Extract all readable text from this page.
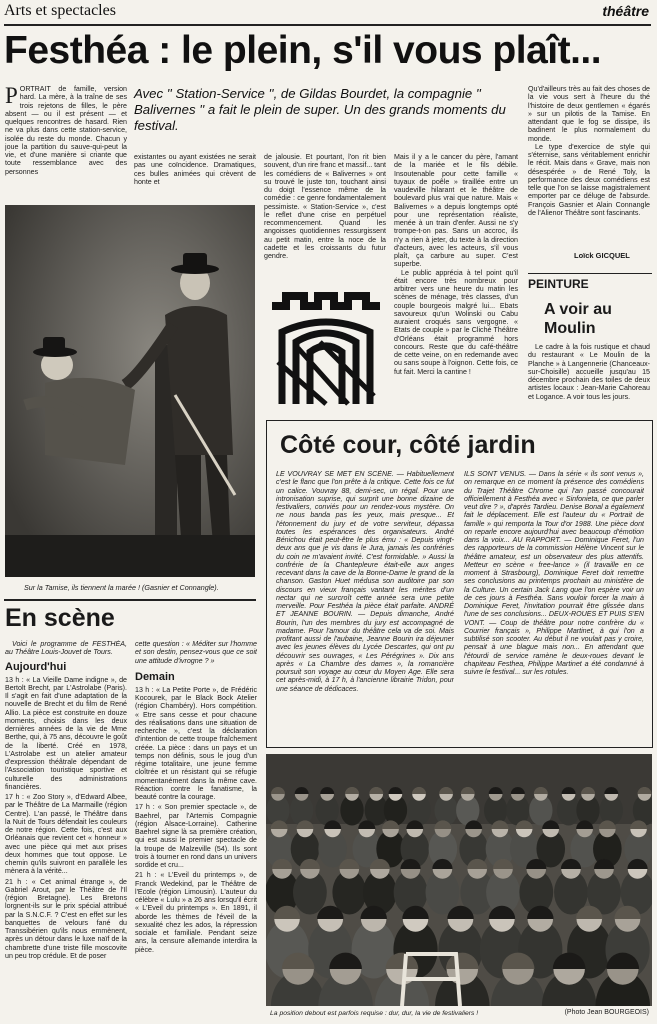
Arts et spectacles	théâtre
Festhéa : le plein, s'il vous plaît...
P ORTRAIT de famille, version hard. La mère, à la traîne de ses trois rejetons de filles, le père absent — ou il est présent — et quelques rencontres de hasard. Rien ne va plus dans cette station-service, isolée du reste du monde. Chacun y joue la partition du sauve-qui-peut la vie, et d'une manière si criante que toute ressemblance avec des personnes
Avec '' Station-Service '', de Gildas Bourdet, la compagnie '' Balivernes '' a fait le plein de super. Un des grands moments du festival.
existantes ou ayant existées ne serait pas une coïncidence. Dramatiques, ces bulles animées qui crèvent de honte et
de jalousie. Et pourtant, l'on rit bien souvent, d'un rire franc et massif... tant les comédiens de « Balivernes » ont su trouvé le juste ton, touchant ainsi du doigt l'essence même de la comédie : ce genre fondamentalement pessimiste. « Station-Service », c'est le reflet d'une crise en perpétuel recommencement. Quand les angoisses quotidiennes ressurgissent au petit matin, entre la noce de la cadette et les croissants du futur gendre.

Mais il y a le cancer du père, l'amant de la mariée et le fils débile. Insoutenable pour cette famille « tuyaux de poêle » tiraillée entre un vaudeville hilarant et le théâtre de boulevard plus vrai que nature. Mais « Balivernes » a depuis longtemps opté pour une représentation réaliste, menée à un train d'enfer. Aussi ne s'y trompe-t-on pas. Sans un accroc, ils n'y a rien à jeter, du texte à la direction d'acteurs, avec les acteurs, s'il vous plaît, ça carbure au super. C'est superbe.

Le public apprécia à tel point qu'il était encore très nombreux pour arbitrer vers une heure du matin les scènes de ménage, très classes, d'un couple bourgeois malgré lui... Ebats savoureux qu'un Wolinski ou Cabu auraient croqués sans vergogne. « Etats de couple » par le Cliché Théâtre d'Orléans était programmé hors concours. Reste que du café-théâtre de cette veine, on en redemande avec ou sans soupe à l'oignon. Cette fois, ce fut fait. Merci la cantine !

Qu'd'ailleurs très au fait des choses de la vie vous sert à l'heure du thé l'histoire de deux gentlemen « égarés » sur un pilotis de la Tamise. En attendant que le fog se dissipe, ils badinent le plus normalement du monde.

Le type d'exercice de style qui s'éternise, sans véritablement enrichir le récit. Mais dans « Grave, mais non désespérée » de René Toly, la performance des deux comédiens est telle que l'on se laisse magistralement emporter par ce déluge de l'absurde. François Gasnier et Alain Connangle de l'Alienor Théâtre sont fascinants.

Loïck GICQUEL
PEINTURE
A voir au Moulin

Le cadre à la fois rustique et chaud du restaurant « Le Moulin de la Planche » à Langennerie (Chanceaux-sur-Choisille) accueille jusqu'au 15 décembre prochain des toiles de deux artistes locaux : Jean-Marie Cahoreau et Logance. A voir tous les jours.

Sur la Tamise, ils tiennent la marée ! (Gasnier et Connangle).
Côté cour, côté jardin

LE VOUVRAY SE MET EN SCÈNE. — Habituellement c'est le flanc que l'on prête à la critique. Cette fois ce fut un calice. Vouvray 88, demi-sec, un régal. Pour une intronisation suprise, qui surprit une bonne dizaine de festivaliers, conviés pour un rendez-vous mystère. On ne nous banda pas les yeux, mais presque... Et l'étonnement du jury et de votre serviteur, dépassa toutes les espérances des organisateurs. André Bénichou était peut-être le plus ému : « Depuis vingt-deux ans que je vis dans le Jura, jamais les confréries du coin ne m'avaient invité. C'est formidable. » Aussi la confrérie de la Chantepleure était-elle aux anges recevant dans la cave de la Bonne-Dame le grand de la chanson. Gaston Huet médusa son auditoire par son discours en vieux français vantant les mérites d'un nectar qui ne surcroît cette année sera une petite merveille. Pour Festhéa la pièce était parfaite. ANDRÉ ET JEANNE BOURIN. — Depuis dimanche, André Bourin, l'un des membres du jury est accompagné de madame. Pour l'amour du théâtre cela va de soi. Mais profitant aussi de l'aubaine, Jeanne Bourin ira déjeuner avec les jeunes élèves du Lycée Descartes, qui ont pu découvrir ses ouvrages, « Les Pérégrines ». Dix ans après « La Chambre des dames », la romancière poursuit son voyage au cœur du Moyen Age. Elle sera cet après-midi, à 17 h, à l'ancienne librairie Tridon, pour une séance de dédicaces.

ILS SONT VENUS. — Dans la série « ils sont venus », on remarque en ce moment la présence des comédiens du Trajet Théâtre Chrome qui l'an passé concourait officiellement à Festhéa avec « Sinfonieta, ce que parler veut dire ? », d'après Tardieu. Denise Bonal a également fait le déplacement. Elle est l'auteur du « Portrait de famille » qui remporta la Tour d'or 1988. Une pièce dont on reparle encore aujourd'hui avec beaucoup d'émotion dans la voix... AU RAPPORT. — Dominique Feret, l'un des rapporteurs de la commission Hélène Vincent sur le théâtre amateur, est un observateur des plus attentifs. Metteur en scène « free-lance » (il travaille en ce moment à Strasbourg), Dominique Feret doit remettre ses conclusions au printemps prochain au ministère de la Culture. Un certain Jack Lang que l'on espère voir un de ces jours à Festhéa. Sans vouloir forcer la main à Dominique Feret, l'invitation pourrait être glissée dans l'une de ses conclusions... DEUX-ROUES ET PUIS S'EN VONT. — Coup de théâtre pour notre confrère du « Courrier français », Philippe Martinet, à qui l'on a subtilisé son scooter. Au début il ne voulait pas y croire, pensait à une blague mais non... En attendant que l'étourdi de service ramène le deux-roues devant le chapiteau Festhea, Philippe Martinet a été condamné à suivre le festival... sur les rotules.

En scène

Voici le programme de FESTHÉA, au Théâtre Louis-Jouvet de Tours.

Aujourd'hui

13 h : « La Vieille Dame indigne », de Bertolt Brecht, par L'Astrolabe (Paris). Il s'agit en fait d'une adaptation de la nouvelle de Brecht et du film de René Allio. La pièce est construite en douze moments, choisis dans les deux dernières années de la vie de Mme Berthe, qui, à 75 ans, découvre le goût de la liberté. Créé en 1978, L'Astrolabe est un atelier amateur d'expression théâtrale dépendant de l'Association touristique sportive et culturelle des administrations financières.

17 h : « Zoo Story », d'Edward Albee, par le Théâtre de La Marmaille (région Centre). L'an passé, le Théâtre dans la Nuit de Tours défendait les couleurs de notre région. Cette fois, c'est aux Orléanais que revient cet « honneur » avec une pièce qui met aux prises deux hommes que tout oppose. Le chemin qu'ils suivront en parallèle les mènera à la vérité...

21 h : « Cet animal étrange », de Gabriel Arout, par le Théâtre de l'Il (région Bretagne). Les Bretons lorgnent-ils sur le prix spécial attribué par la S.N.C.F. ? C'est en effet sur les banquettes de velours fané du Transsibérien qu'ils nous emmènent, après un détour dans le luxe naïf de la chambrette d'une triste fille moscovite un peu trop crédule. Et de poser

cette question : « Méditer sur l'homme et son destin, pensez-vous que ce soit une attitude d'ivrogne ? »

Demain

13 h : « La Petite Porte », de Frédéric Kocourek, par le Black Bock Atelier (région Chambéry). Hors compétition. « Etre sans cesse et pour chacune des réalisations dans une situation de recherche », c'est la déclaration d'intention de cette troupe fraîchement créée. La pièce : dans un pays et un temps non définis, sous le joug d'un régime totalitaire, une jeune femme cloîtrée et un résistant qui se réfugie momentanément dans la même cave. Réaction contre le fanatisme, la beauté contre la courage.

17 h : « Son premier spectacle », de Baehrel, par l'Artemis Compagnie (région Alsace-Lorraine). Catherine Baehrel signe là sa première création, qui est aussi le premier spectacle de la troupe de Malzeville (54). Ils sont trois à tourner en rond dans un univers sordide et cru...

21 h : « L'Eveil du printemps », de Franck Wedekind, par le Théâtre de l'Ecole (région Limousin). L'auteur du célèbre « Lulu » a 26 ans lorsqu'il écrit « L'Eveil du printemps ». En 1891, il aborde les thèmes de l'éveil de la sexualité chez les ados, la répression sociale et familiale. Pendant seize ans, la censure allemande interdira la pièce.

La position debout est parfois requise : dur, dur, la vie de festivaliers !	(Photo Jean BOURGEOIS)
